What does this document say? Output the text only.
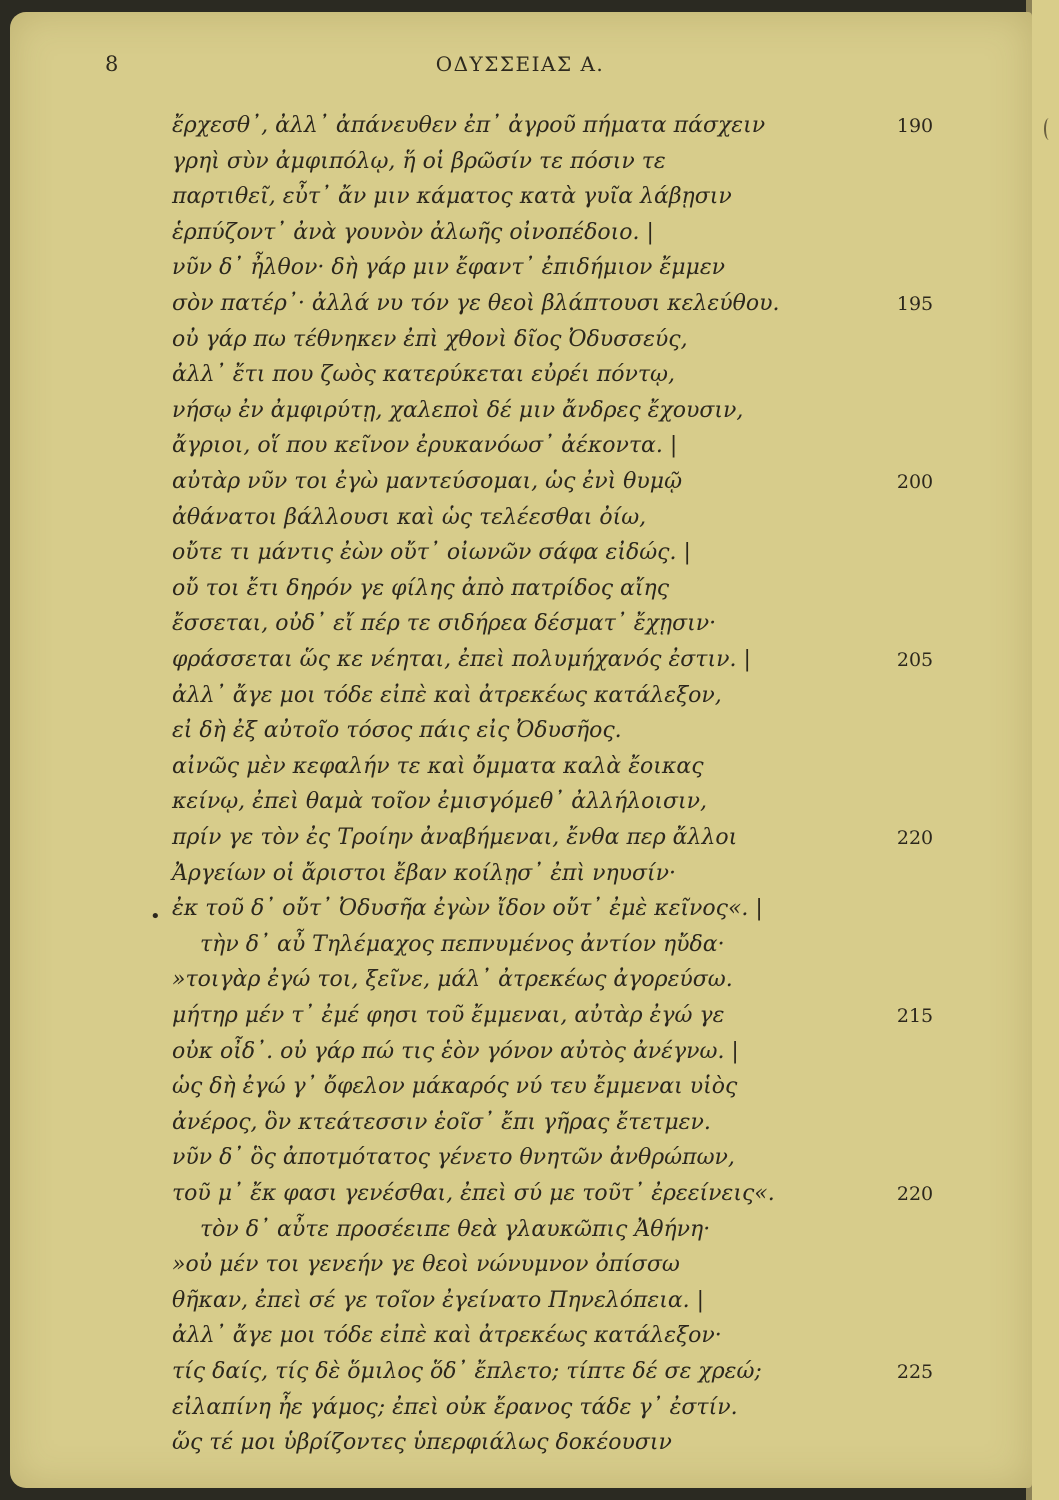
8	ΟΔΥΣΣΕΙΑΣ Α.
•
ἔρχεσθ᾽, ἀλλ᾽ ἀπάνευθεν ἐπ᾽ ἀγροῦ πήματα πάσχειν	190
γρηὶ σὺν ἀμφιπόλῳ, ἥ οἱ βρῶσίν τε πόσιν τε
παρτιθεῖ, εὖτ᾽ ἄν μιν κάματος κατὰ γυῖα λάβῃσιν
ἑρπύζοντ᾽ ἀνὰ γουνὸν ἀλωῆς οἰνοπέδοιο. |
νῦν δ᾽ ἦλθον· δὴ γάρ μιν ἔφαντ᾽ ἐπιδήμιον ἔμμεν
σὸν πατέρ᾽· ἀλλά νυ τόν γε θεοὶ βλάπτουσι κελεύθου.	195
οὐ γάρ πω τέθνηκεν ἐπὶ χθονὶ δῖος Ὀδυσσεύς,
ἀλλ᾽ ἔτι που ζωὸς κατερύκεται εὐρέι πόντῳ,
νήσῳ ἐν ἀμφιρύτῃ, χαλεποὶ δέ μιν ἄνδρες ἔχουσιν,
ἄγριοι, οἵ που κεῖνον ἐρυκανόωσ᾽ ἀέκοντα. |
αὐτὰρ νῦν τοι ἐγὼ μαντεύσομαι, ὡς ἐνὶ θυμῷ	200
ἀθάνατοι βάλλουσι καὶ ὡς τελέεσθαι ὀίω,
οὔτε τι μάντις ἐὼν οὔτ᾽ οἰωνῶν σάφα εἰδώς. |
οὔ τοι ἔτι δηρόν γε φίλης ἀπὸ πατρίδος αἴης
ἔσσεται, οὐδ᾽ εἴ πέρ τε σιδήρεα δέσματ᾽ ἔχῃσιν·
φράσσεται ὥς κε νέηται, ἐπεὶ πολυμήχανός ἐστιν. |	205
ἀλλ᾽ ἄγε μοι τόδε εἰπὲ καὶ ἀτρεκέως κατάλεξον,
εἰ δὴ ἐξ αὐτοῖο τόσος πάις εἰς Ὀδυσῆος.
αἰνῶς μὲν κεφαλήν τε καὶ ὄμματα καλὰ ἔοικας
κείνῳ, ἐπεὶ θαμὰ τοῖον ἐμισγόμεθ᾽ ἀλλήλοισιν,
πρίν γε τὸν ἐς Τροίην ἀναβήμεναι, ἔνθα περ ἄλλοι	220
Ἀργείων οἱ ἄριστοι ἔβαν κοίλῃσ᾽ ἐπὶ νηυσίν·
ἐκ τοῦ δ᾽ οὔτ᾽ Ὀδυσῆα ἐγὼν ἴδον οὔτ᾽ ἐμὲ κεῖνος«. |
τὴν δ᾽ αὖ Τηλέμαχος πεπνυμένος ἀντίον ηὔδα·
»τοιγὰρ ἐγώ τοι, ξεῖνε, μάλ᾽ ἀτρεκέως ἀγορεύσω.
μήτηρ μέν τ᾽ ἐμέ φησι τοῦ ἔμμεναι, αὐτὰρ ἐγώ γε	215
οὐκ οἶδ᾽. οὐ γάρ πώ τις ἑὸν γόνον αὐτὸς ἀνέγνω. |
ὡς δὴ ἐγώ γ᾽ ὄφελον μάκαρός νύ τευ ἔμμεναι υἱὸς
ἀνέρος, ὃν κτεάτεσσιν ἑοῖσ᾽ ἔπι γῆρας ἔτετμεν.
νῦν δ᾽ ὃς ἀποτμότατος γένετο θνητῶν ἀνθρώπων,
τοῦ μ᾽ ἔκ φασι γενέσθαι, ἐπεὶ σύ με τοῦτ᾽ ἐρεείνεις«.	220
τὸν δ᾽ αὖτε προσέειπε θεὰ γλαυκῶπις Ἀθήνη·
»οὐ μέν τοι γενεήν γε θεοὶ νώνυμνον ὀπίσσω
θῆκαν, ἐπεὶ σέ γε τοῖον ἐγείνατο Πηνελόπεια. |
ἀλλ᾽ ἄγε μοι τόδε εἰπὲ καὶ ἀτρεκέως κατάλεξον·
τίς δαίς, τίς δὲ ὅμιλος ὅδ᾽ ἔπλετο; τίπτε δέ σε χρεώ;	225
εἰλαπίνη ἦε γάμος; ἐπεὶ οὐκ ἔρανος τάδε γ᾽ ἐστίν.
ὥς τέ μοι ὑβρίζοντες ὑπερφιάλως δοκέουσιν
